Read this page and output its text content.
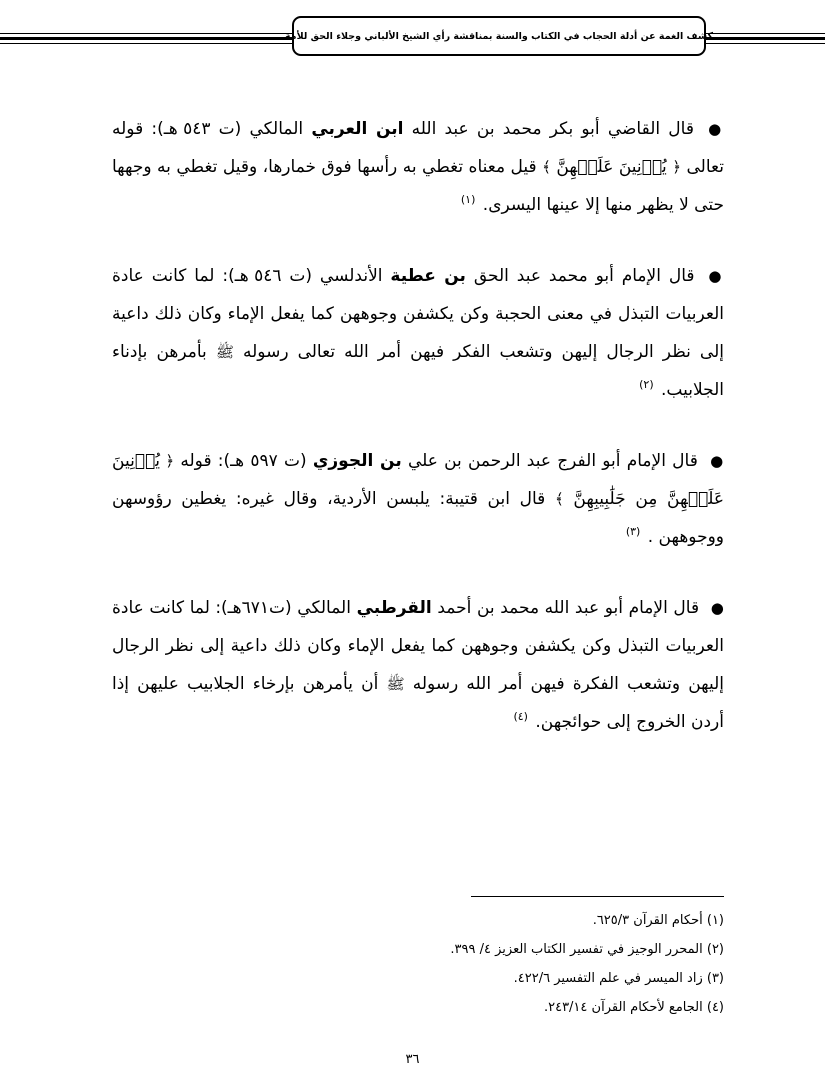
كشف الغمة عن أدلة الحجاب في الكتاب والسنة بمناقشة رأي الشيخ الألباني وجلاء الحق للأمة

● قال القاضي أبو بكر محمد بن عبد الله ابن العربي المالكي (ت ٥٤٣ هـ): قوله تعالى ﴿ يُدۡنِينَ عَلَيۡهِنَّ ﴾ قيل معناه تغطي به رأسها فوق خمارها، وقيل تغطي به وجهها حتى لا يظهر منها إلا عينها اليسرى. $^{(١)}$

● قال الإمام أبو محمد عبد الحق بن عطية الأندلسي (ت ٥٤٦ هـ): لما كانت عادة العربيات التبذل في معنى الحجبة وكن يكشفن وجوههن كما يفعل الإماء وكان ذلك داعية إلى نظر الرجال إليهن وتشعب الفكر فيهن أمر الله تعالى رسوله ﷺ بأمرهن بإدناء الجلابيب. $^{(٢)}$

● قال الإمام أبو الفرج عبد الرحمن بن علي بن الجوزي (ت ٥٩٧ هـ): قوله ﴿ يُدۡنِينَ عَلَيۡهِنَّ مِن جَلَٰبِيبِهِنَّ ﴾ قال ابن قتيبة: يلبسن الأردية، وقال غيره: يغطين رؤوسهن ووجوههن . $^{(٣)}$

● قال الإمام أبو عبد الله محمد بن أحمد القرطبي المالكي (ت٦٧١هـ): لما كانت عادة العربيات التبذل وكن يكشفن وجوههن كما يفعل الإماء وكان ذلك داعية إلى نظر الرجال إليهن وتشعب الفكرة فيهن أمر الله رسوله ﷺ أن يأمرهن بإرخاء الجلابيب عليهن إذا أردن الخروج إلى حوائجهن. $^{(٤)}$

(١) أحكام القرآن ٦٢٥/٣.
(٢) المحرر الوجيز في تفسير الكتاب العزيز ٤/ ٣٩٩.
(٣) زاد الميسر في علم التفسير ٤٢٢/٦.
(٤) الجامع لأحكام القرآن ٢٤٣/١٤.
٣٦
